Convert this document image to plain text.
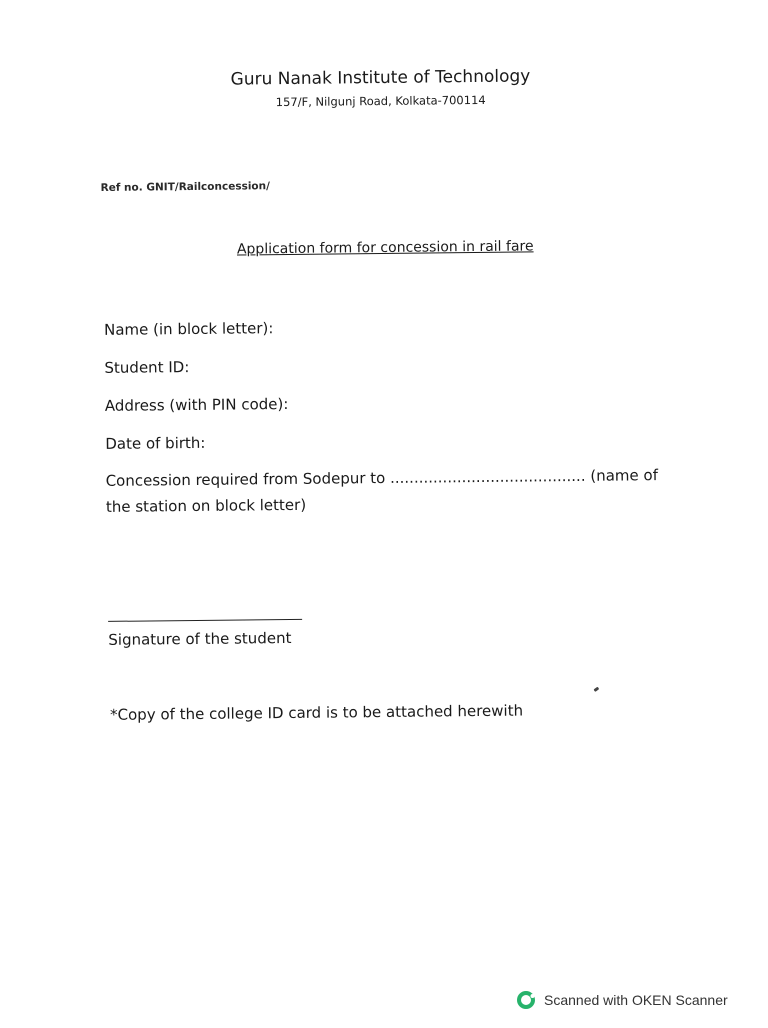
Guru Nanak Institute of Technology
157/F, Nilgunj Road, Kolkata-700114
Ref no. GNIT/Railconcession/
Application form for concession in rail fare
Name (in block letter):
Student ID:
Address (with PIN code):
Date of birth:
Concession required from Sodepur to ......................................... (name of the station on block letter)
Signature of the student
*Copy of the college ID card is to be attached herewith
Scanned with OKEN Scanner
